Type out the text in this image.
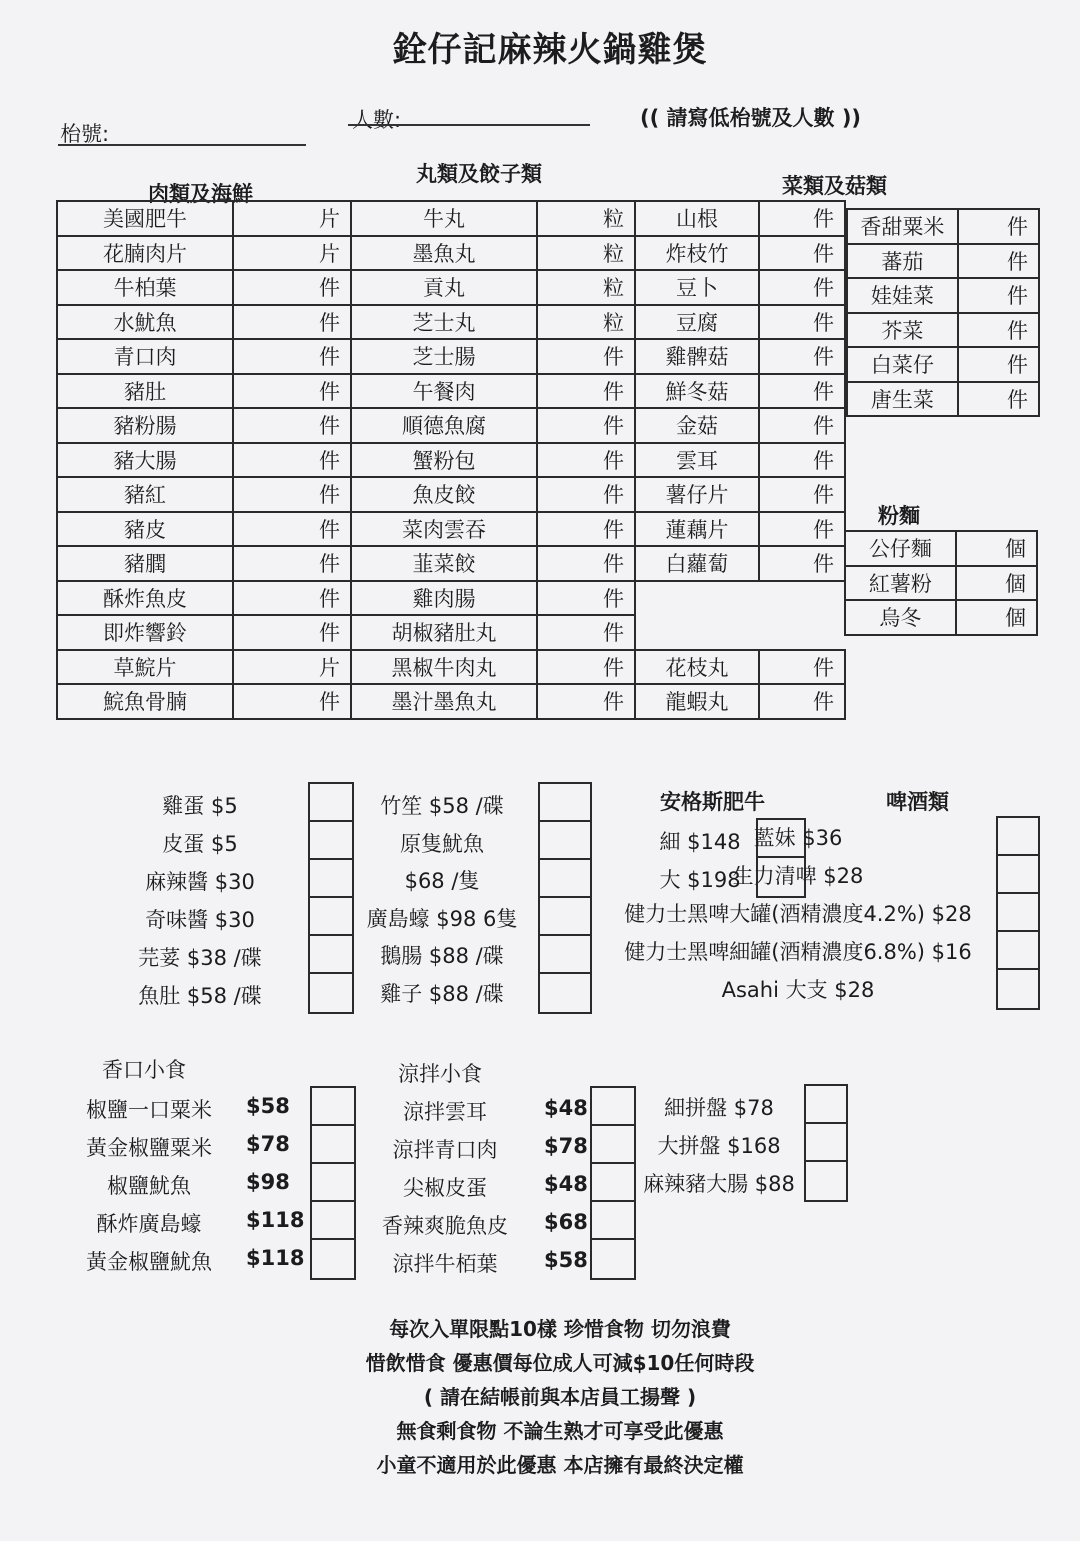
銓仔記麻辣火鍋雞煲
枱號:
人數:	(( 請寫低枱號及人數 ))
肉類及海鮮
丸類及餃子類	菜類及菇類
美國肥牛	片	牛丸	粒	山根	件
花腩肉片	片	墨魚丸	粒	炸枝竹	件
牛柏葉	件	貢丸	粒	豆卜	件
水魷魚	件	芝士丸	粒	豆腐	件
青口肉	件	芝士腸	件	雞髀菇	件
豬肚	件	午餐肉	件	鮮冬菇	件
豬粉腸	件	順德魚腐	件	金菇	件
豬大腸	件	蟹粉包	件	雲耳	件
豬紅	件	魚皮餃	件	薯仔片	件
豬皮	件	菜肉雲吞	件	蓮藕片	件
豬膶	件	韮菜餃	件	白蘿蔔	件
酥炸魚皮	件	雞肉腸	件		
即炸響鈴	件	胡椒豬肚丸	件		
草鯇片	片	黑椒牛肉丸	件	花枝丸	件
鯇魚骨腩	件	墨汁墨魚丸	件	龍蝦丸	件
香甜粟米	件
蕃茄	件
娃娃菜	件
芥菜	件
白菜仔	件
唐生菜	件
粉麵
公仔麵	個
紅薯粉	個
烏冬	個
雞蛋 $5
皮蛋 $5
麻辣醬 $30
奇味醬 $30
芫荽 $38 /碟
魚肚 $58 /碟
竹笙 $58 /碟
原隻魷魚
$68 /隻
廣島蠔 $98 6隻
鵝腸 $88 /碟
雞子 $88 /碟
安格斯肥牛
細 $148
大 $198
啤酒類
藍妹 $36
生力清啤 $28
健力士黑啤大罐(酒精濃度4.2%) $28
健力士黑啤細罐(酒精濃度6.8%) $16
Asahi 大支 $28
香口小食
椒鹽一口粟米	$58
黃金椒鹽粟米	$78
椒鹽魷魚	$98
酥炸廣島蠔	$118
黃金椒鹽魷魚	$118
涼拌小食
涼拌雲耳	$48
涼拌青口肉	$78
尖椒皮蛋	$48
香辣爽脆魚皮	$68
涼拌牛栢葉	$58
細拼盤 $78
大拼盤 $168
麻辣豬大腸 $88
每次入單限點10樣 珍惜食物 切勿浪費
惜飲惜食 優惠價每位成人可減$10任何時段
( 請在結帳前與本店員工揚聲 )
無食剩食物 不論生熟才可享受此優惠
小童不適用於此優惠 本店擁有最終決定權
